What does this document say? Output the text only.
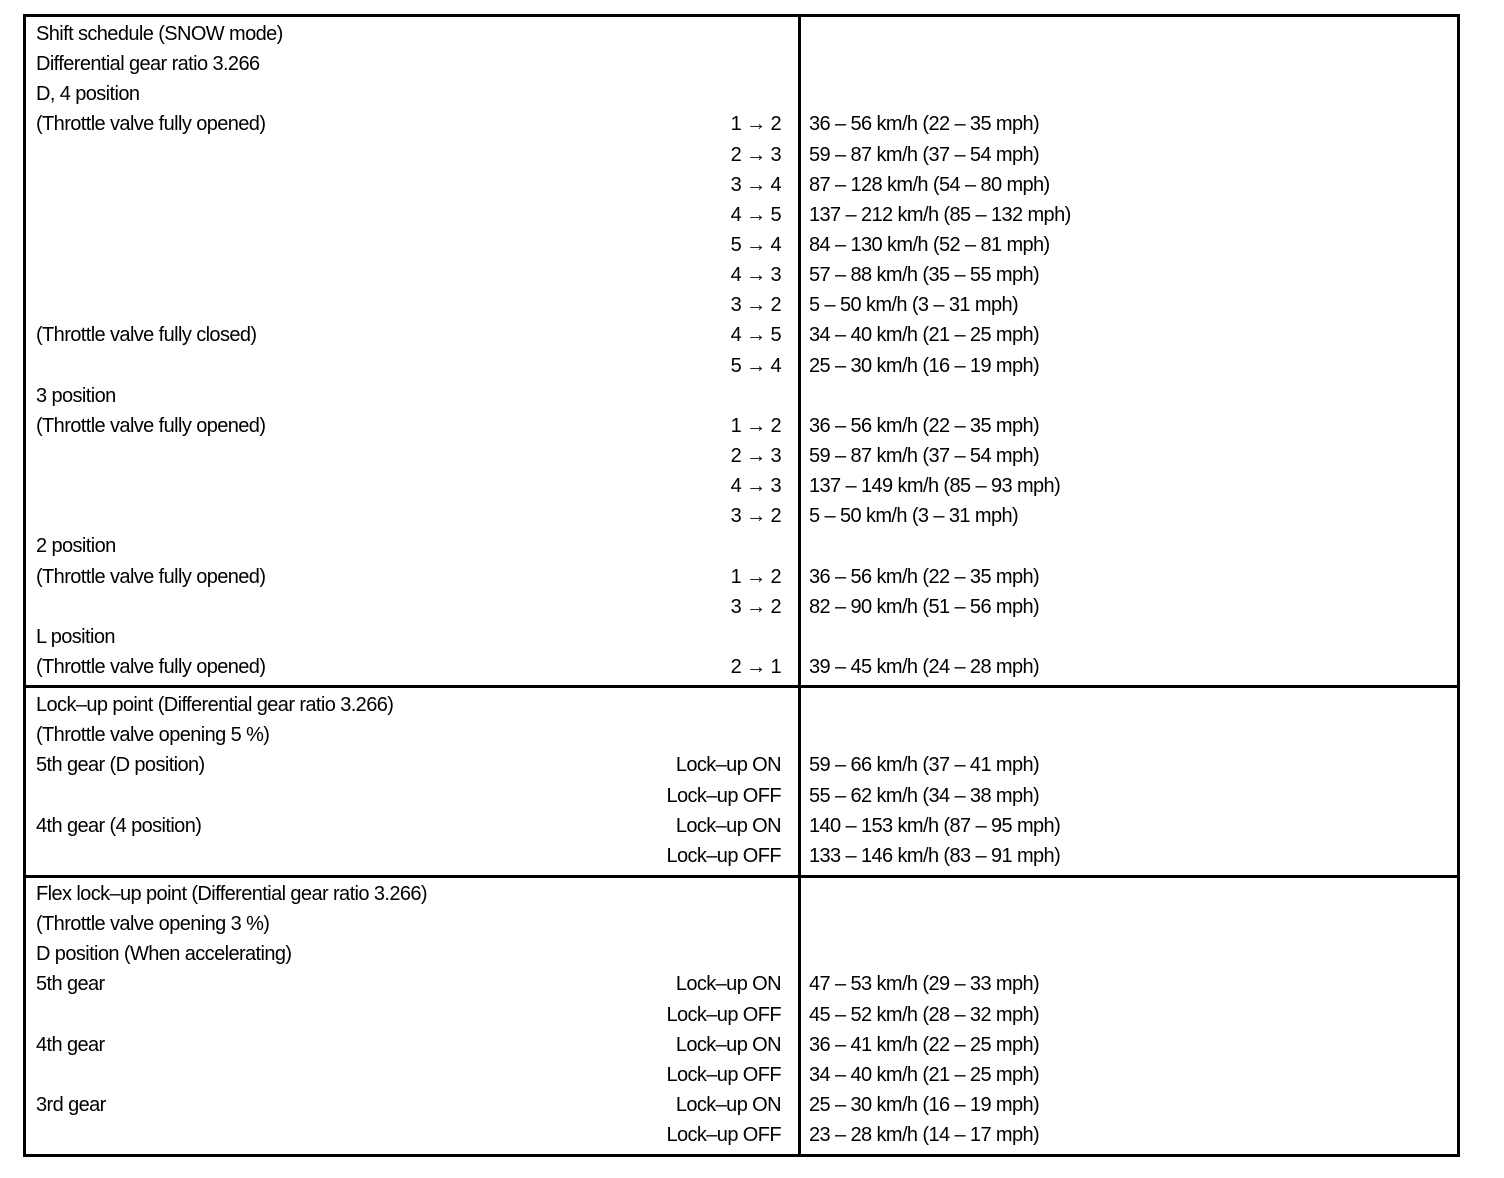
Shift schedule (SNOW mode)
Differential gear ratio 3.266
D, 4 position
(Throttle valve fully opened)	1 → 2 36 – 56 km/h (22 – 35 mph)
2 → 3 59 – 87 km/h (37 – 54 mph)
3 → 4 87 – 128 km/h (54 – 80 mph)
4 → 5 137 – 212 km/h (85 – 132 mph)
5 → 4 84 – 130 km/h (52 – 81 mph)
4 → 3 57 – 88 km/h (35 – 55 mph)
3 → 2 5 – 50 km/h (3 – 31 mph)
(Throttle valve fully closed)	4 → 5 34 – 40 km/h (21 – 25 mph)
5 → 4 25 – 30 km/h (16 – 19 mph)
3 position
(Throttle valve fully opened)	1 → 2 36 – 56 km/h (22 – 35 mph)
2 → 3 59 – 87 km/h (37 – 54 mph)
4 → 3 137 – 149 km/h (85 – 93 mph)
3 → 2 5 – 50 km/h (3 – 31 mph)
2 position
(Throttle valve fully opened)	1 → 2 36 – 56 km/h (22 – 35 mph)
3 → 2 82 – 90 km/h (51 – 56 mph)
L position
(Throttle valve fully opened)	2 → 1 39 – 45 km/h (24 – 28 mph)
Lock–up point (Differential gear ratio 3.266)
(Throttle valve opening 5 %)
5th gear (D position)	Lock–up ON 59 – 66 km/h (37 – 41 mph)
Lock–up OFF 55 – 62 km/h (34 – 38 mph)
4th gear (4 position)	Lock–up ON 140 – 153 km/h (87 – 95 mph)
Lock–up OFF 133 – 146 km/h (83 – 91 mph)
Flex lock–up point (Differential gear ratio 3.266)
(Throttle valve opening 3 %)
D position (When accelerating)
5th gear	Lock–up ON 47 – 53 km/h (29 – 33 mph)
Lock–up OFF 45 – 52 km/h (28 – 32 mph)
4th gear	Lock–up ON 36 – 41 km/h (22 – 25 mph)
Lock–up OFF 34 – 40 km/h (21 – 25 mph)
3rd gear	Lock–up ON 25 – 30 km/h (16 – 19 mph)
Lock–up OFF 23 – 28 km/h (14 – 17 mph)
